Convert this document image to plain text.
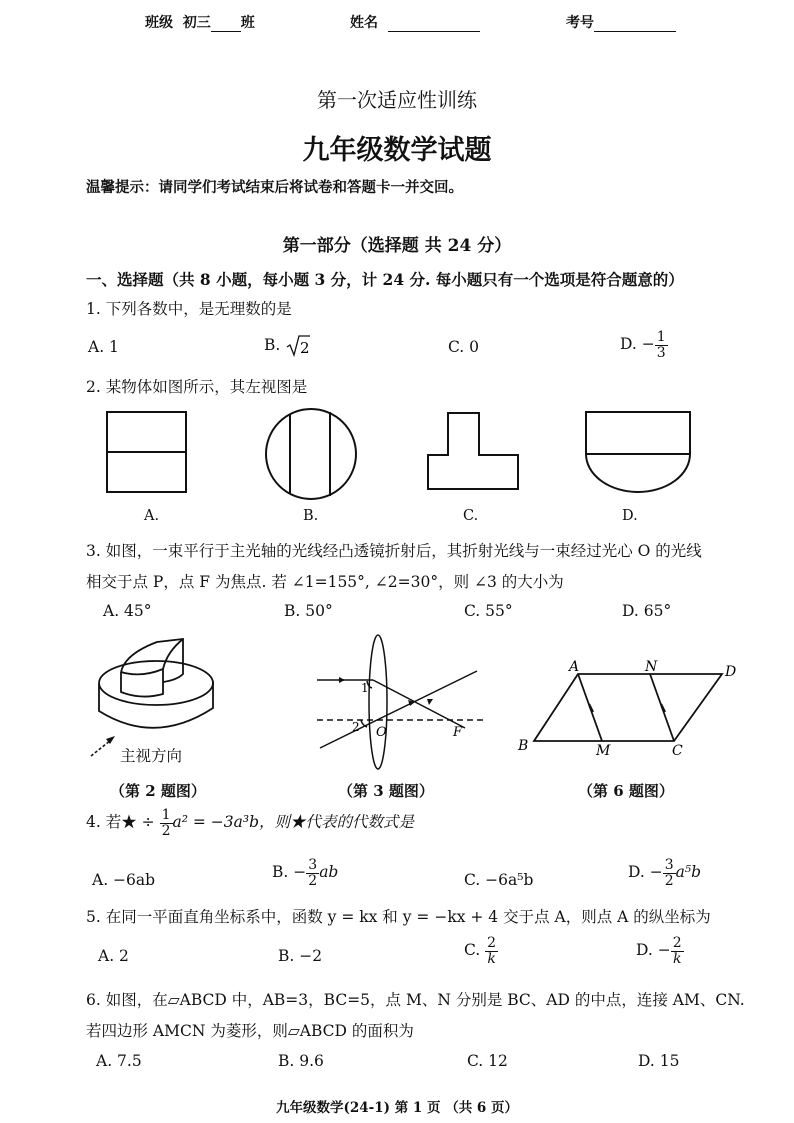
班级 初三 班	姓名	考号
第一次适应性训练
九年级数学试题
温馨提示：请同学们考试结束后将试卷和答题卡一并交回。
第一部分（选择题 共 24 分）
一、选择题（共 8 小题，每小题 3 分，计 24 分. 每小题只有一个选项是符合题意的）
1. 下列各数中，是无理数的是
A. 1	B. 2	C. 0	D. − $\frac{1}{3}$
2. 某物体如图所示，其左视图是
A.	B.	C.	D.
3. 如图，一束平行于主光轴的光线经凸透镜折射后，其折射光线与一束经过光心 O 的光线
相交于点 P，点 F 为焦点. 若 ∠1=155°, ∠2=30°，则 ∠3 的大小为
A. 45°	B. 50°	C. 55°	D. 65°
主视方向
1
2 O	F
A	N	D
B	M	C
（第 2 题图）	（第 3 题图）	（第 6 题图）
4. 若★ ÷ $\frac{1}{2} a^2 = -3a^3b$，则★代表的代数式是
A. −6ab	B. − $\frac{3}{2}$ ab	C. −6a⁵b	D. − $\frac{3}{2} a^5b$
5. 在同一平面直角坐标系中，函数 y = kx 和 y = −kx + 4 交于点 A，则点 A 的纵坐标为
A. 2	B. −2	C. $\frac{2}{k}$	D. − $\frac{2}{k}$
6. 如图，在▱ABCD 中，AB=3，BC=5，点 M、N 分别是 BC、AD 的中点，连接 AM、CN.
若四边形 AMCN 为菱形，则▱ABCD 的面积为
A. 7.5	B. 9.6	C. 12	D. 15
九年级数学(24-1) 第 1 页 （共 6 页）
